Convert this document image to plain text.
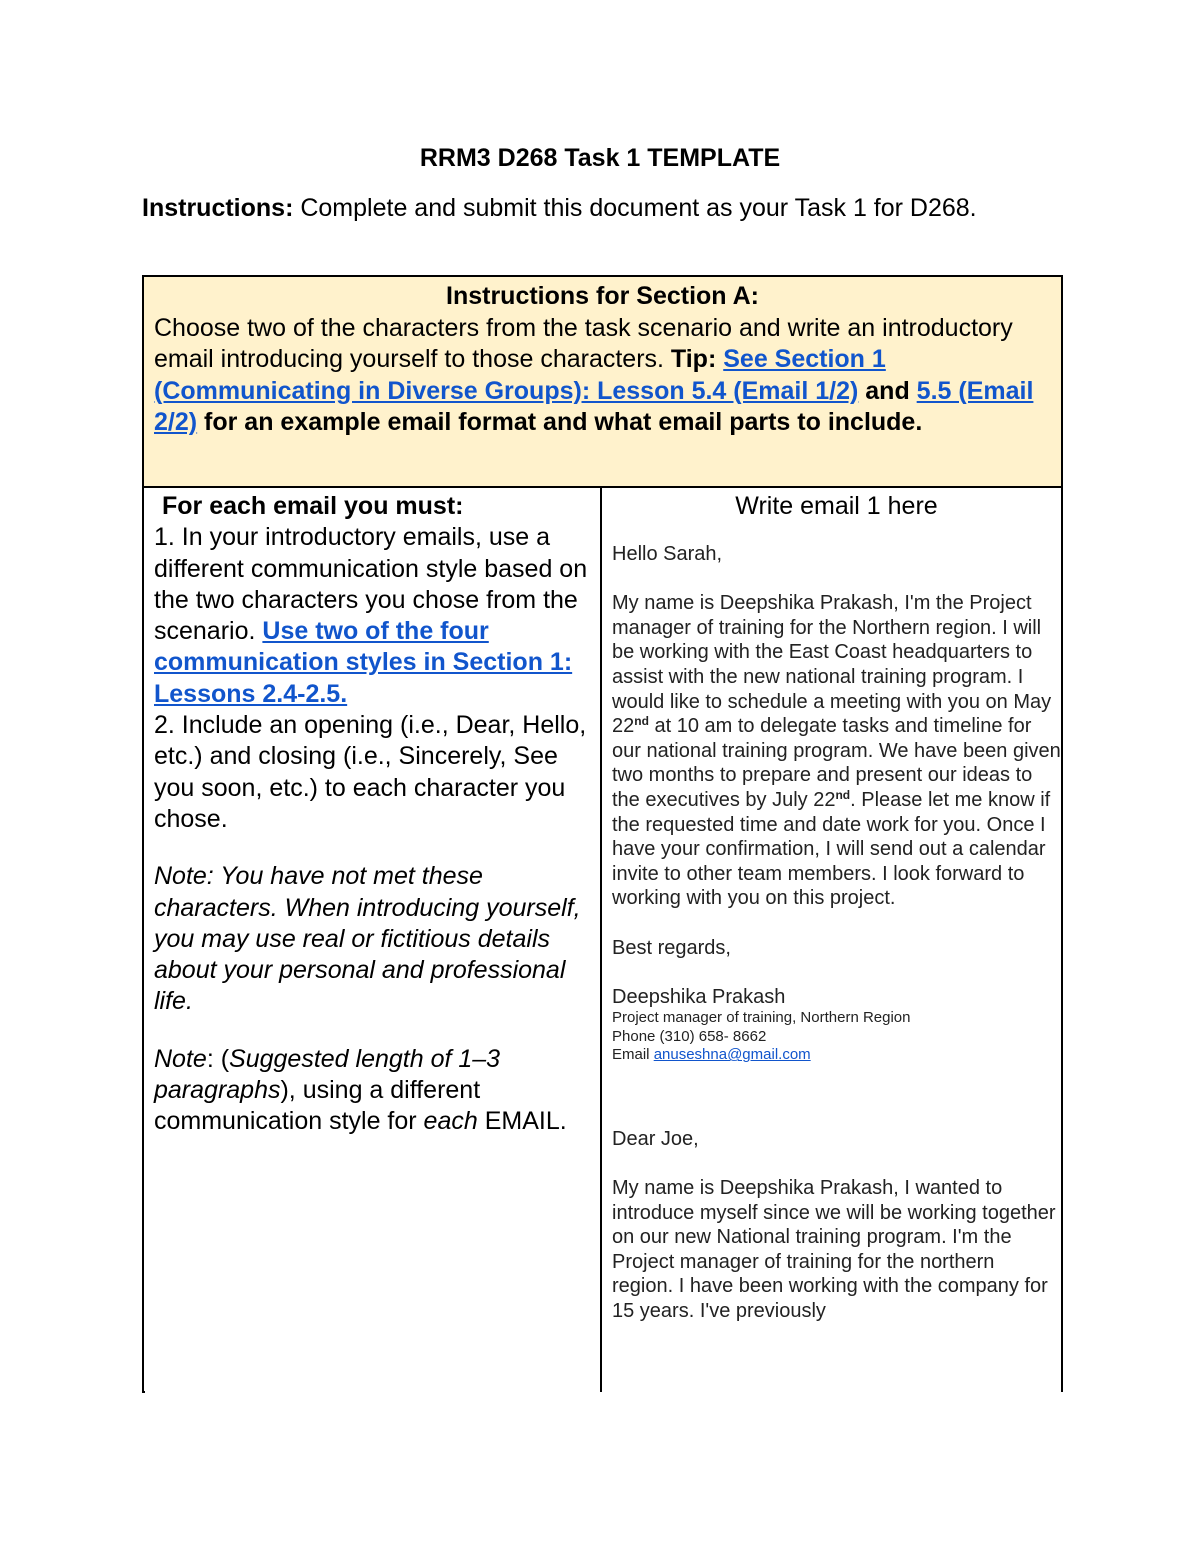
RRM3 D268 Task 1 TEMPLATE
Instructions: Complete and submit this document as your Task 1 for D268.
Instructions for Section A:
Choose two of the characters from the task scenario and write an introductory email introducing yourself to those characters. Tip: See Section 1 (Communicating in Diverse Groups): Lesson 5.4 (Email 1/2) and 5.5 (Email 2/2) for an example email format and what email parts to include.

For each email you must:
1. In your introductory emails, use a different communication style based on the two characters you chose from the scenario. Use two of the four communication styles in Section 1: Lessons 2.4-2.5.
2. Include an opening (i.e., Dear, Hello, etc.) and closing (i.e., Sincerely, See you soon, etc.) to each character you chose.
Note: You have not met these characters. When introducing yourself, you may use real or fictitious details about your personal and professional life.
Note: (Suggested length of 1–3 paragraphs), using a different communication style for each EMAIL.

Write email 1 here

Hello Sarah,

My name is Deepshika Prakash, I'm the Project manager of training for the Northern region. I will be working with the East Coast headquarters to assist with the new national training program. I would like to schedule a meeting with you on May 22nd at 10 am to delegate tasks and timeline for our national training program. We have been given two months to prepare and present our ideas to the executives by July 22nd. Please let me know if the requested time and date work for you. Once I have your confirmation, I will send out a calendar invite to other team members. I look forward to working with you on this project.

Best regards,

Deepshika Prakash
Project manager of training, Northern Region
Phone (310) 658- 8662
Email anuseshna@gmail.com

Dear Joe,

My name is Deepshika Prakash, I wanted to introduce myself since we will be working together on our new National training program. I'm the Project manager of training for the northern region. I have been working with the company for 15 years. I've previously
